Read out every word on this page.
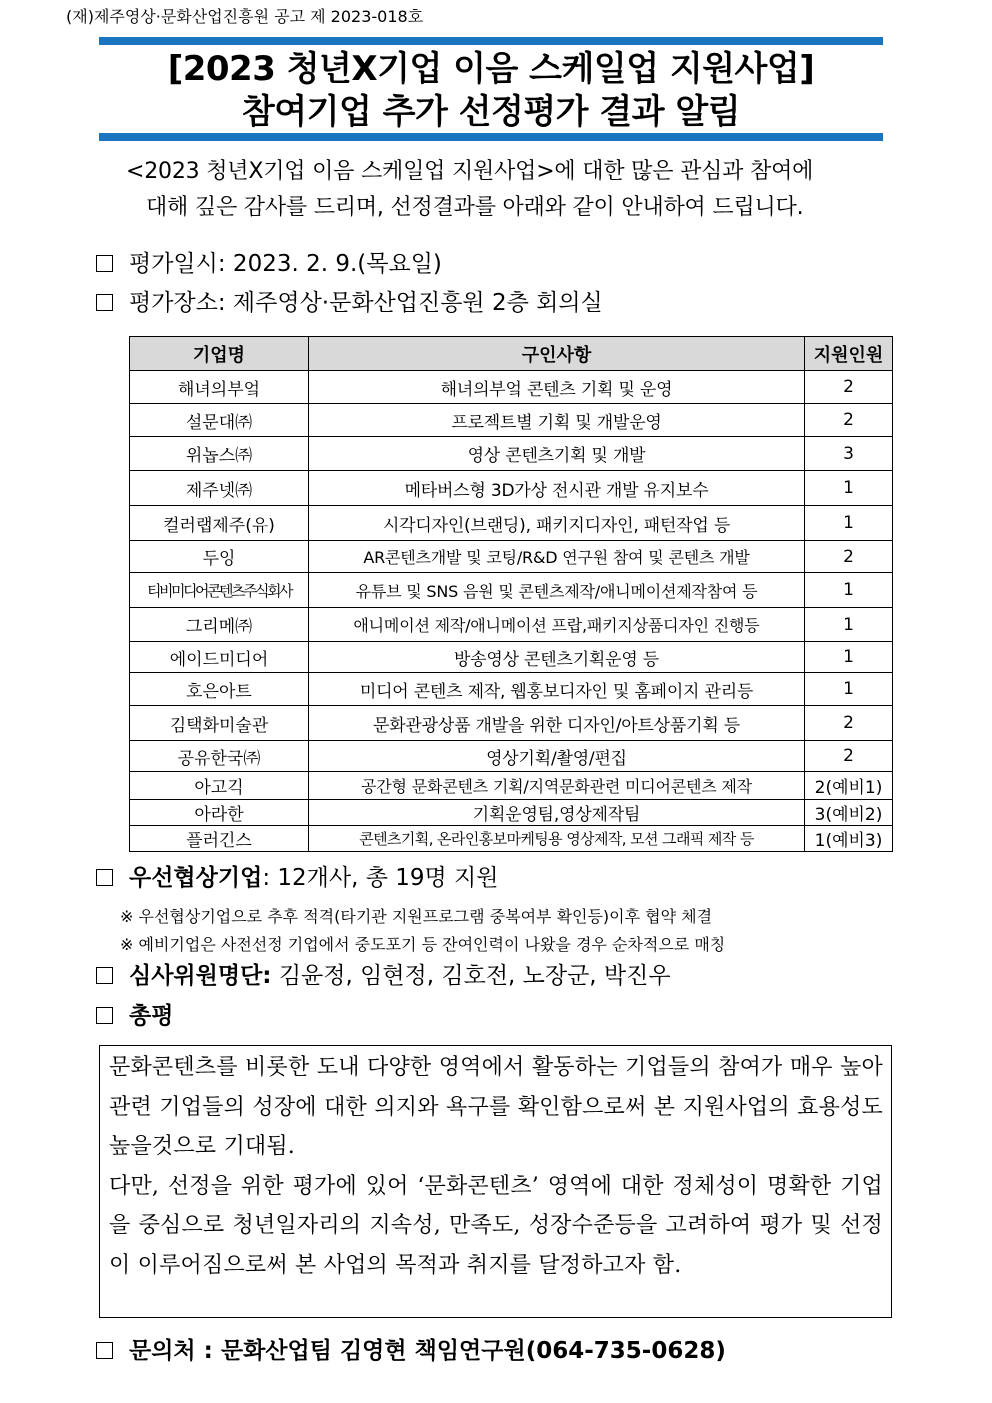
(재)제주영상·문화산업진흥원 공고 제 2023-018호
[2023 청년X기업 이음 스케일업 지원사업]
참여기업 추가 선정평가 결과 알림
<2023 청년X기업 이음 스케일업 지원사업>에 대한 많은 관심과 참여에
대해 깊은 감사를 드리며, 선정결과를 아래와 같이 안내하여 드립니다.
평가일시: 2023. 2. 9.(목요일)
평가장소: 제주영상·문화산업진흥원 2층 회의실
기업명	구인사항	지원인원
해녀의부엌	해녀의부엌 콘텐츠 기획 및 운영	2
설문대㈜	프로젝트별 기획 및 개발운영	2
위놉스㈜	영상 콘텐츠기획 및 개발	3
제주넷㈜	메타버스형 3D가상 전시관 개발 유지보수	1
컬러랩제주(유)	시각디자인(브랜딩), 패키지디자인, 패턴작업 등	1
두잉	AR콘텐츠개발 및 코팅/R&D 연구원 참여 및 콘텐츠 개발	2
티비미디어콘텐츠주식회사	유튜브 및 SNS 음원 및 콘텐츠제작/애니메이션제작참여 등	1
그리메㈜	애니메이션 제작/애니메이션 프랍,패키지상품디자인 진행등	1
에이드미디어	방송영상 콘텐츠기획운영 등	1
호은아트	미디어 콘텐츠 제작, 웹홍보디자인 및 홈페이지 관리등	1
김택화미술관	문화관광상품 개발을 위한 디자인/아트상품기획 등	2
공유한국㈜	영상기획/촬영/편집	2
아고긱	공간형 문화콘텐츠 기획/지역문화관련 미디어콘텐츠 제작	2(예비1)
아라한	기획운영팀,영상제작팀	3(예비2)
플러긴스	콘텐츠기획, 온라인홍보마케팅용 영상제작, 모션 그래픽 제작 등	1(예비3)
우선협상기업: 12개사, 총 19명 지원
※ 우선협상기업으로 추후 적격(타기관 지원프로그램 중복여부 확인등)이후 협약 체결
※ 예비기업은 사전선정 기업에서 중도포기 등 잔여인력이 나왔을 경우 순차적으로 매칭
심사위원명단: 김윤정, 임현정, 김호전, 노장군, 박진우
총평

문화콘텐츠를 비롯한 도내 다양한 영역에서 활동하는 기업들의 참여가 매우 높아 관련 기업들의 성장에 대한 의지와 욕구를 확인함으로써 본 지원사업의 효용성도 높을것으로 기대됨.

다만, 선정을 위한 평가에 있어 ‘문화콘텐츠’ 영역에 대한 정체성이 명확한 기업을 중심으로 청년일자리의 지속성, 만족도, 성장수준등을 고려하여 평가 및 선정이 이루어짐으로써 본 사업의 목적과 취지를 달정하고자 함.

문의처 : 문화산업팀 김영현 책임연구원(064-735-0628)
